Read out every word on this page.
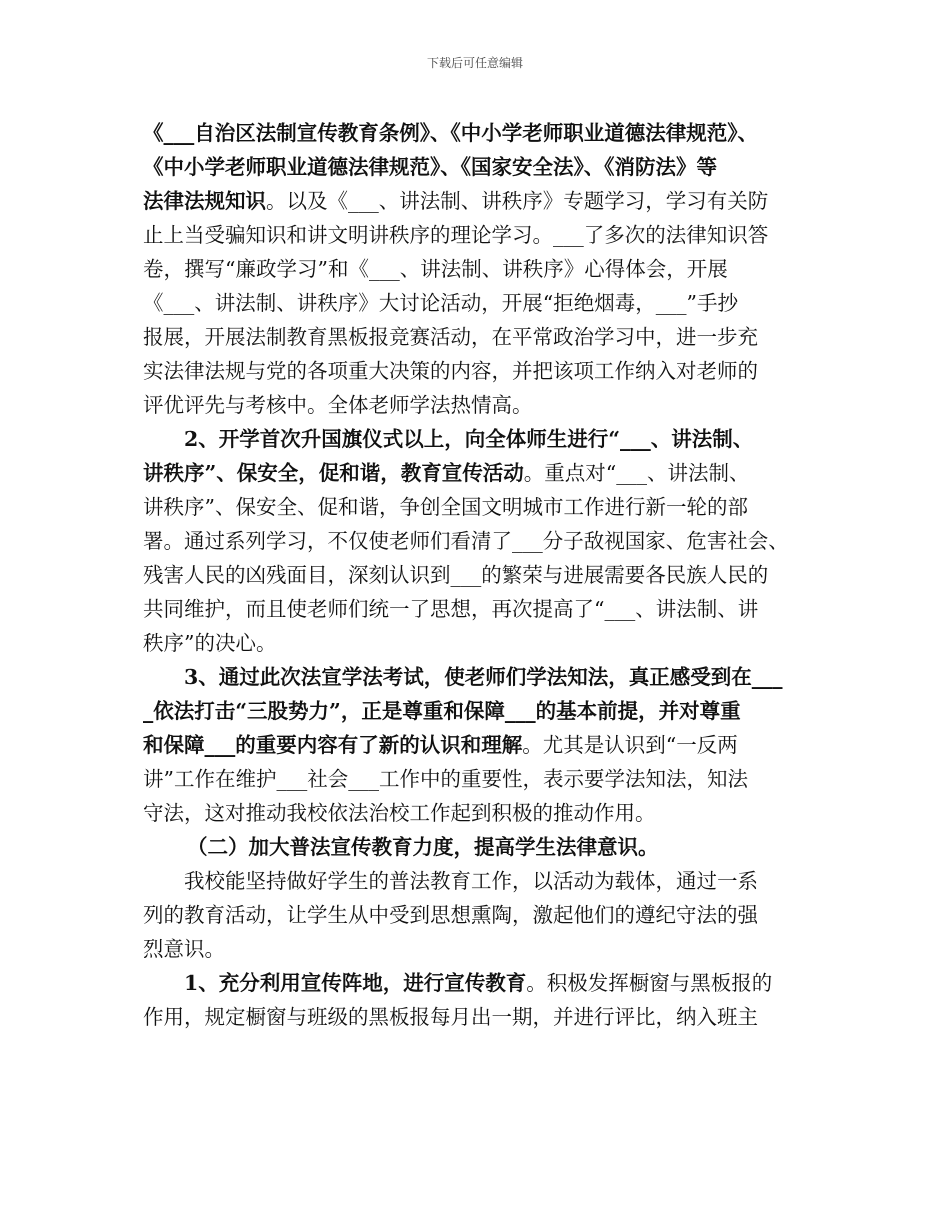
下载后可任意编辑
《___自治区法制宣传教育条例》、《中小学老师职业道德法律规范》、
《中小学老师职业道德法律规范》、《国家安全法》、《消防法》等
法律法规知识。以及《___、讲法制、讲秩序》专题学习，学习有关防
止上当受骗知识和讲文明讲秩序的理论学习。___了多次的法律知识答
卷，撰写“廉政学习”和《___、讲法制、讲秩序》心得体会，开展
《___、讲法制、讲秩序》大讨论活动，开展“拒绝烟毒，___”手抄
报展，开展法制教育黑板报竞赛活动，在平常政治学习中，进一步充
实法律法规与党的各项重大决策的内容，并把该项工作纳入对老师的
评优评先与考核中。全体老师学法热情高。
2、开学首次升国旗仪式以上，向全体师生进行“___、讲法制、
讲秩序”、保安全，促和谐，教育宣传活动。重点对“___、讲法制、
讲秩序”、保安全、促和谐，争创全国文明城市工作进行新一轮的部
署。通过系列学习，不仅使老师们看清了___分子敌视国家、危害社会、
残害人民的凶残面目，深刻认识到___的繁荣与进展需要各民族人民的
共同维护，而且使老师们统一了思想，再次提高了“___、讲法制、讲
秩序”的决心。
3、通过此次法宣学法考试，使老师们学法知法，真正感受到在___
_依法打击“三股势力”，正是尊重和保障___的基本前提，并对尊重
和保障___的重要内容有了新的认识和理解。尤其是认识到“一反两
讲”工作在维护___社会___工作中的重要性，表示要学法知法，知法
守法，这对推动我校依法治校工作起到积极的推动作用。
（二）加大普法宣传教育力度，提高学生法律意识。
我校能坚持做好学生的普法教育工作，以活动为载体，通过一系
列的教育活动，让学生从中受到思想熏陶，激起他们的遵纪守法的强
烈意识。
1、充分利用宣传阵地，进行宣传教育。积极发挥橱窗与黑板报的
作用，规定橱窗与班级的黑板报每月出一期，并进行评比，纳入班主
